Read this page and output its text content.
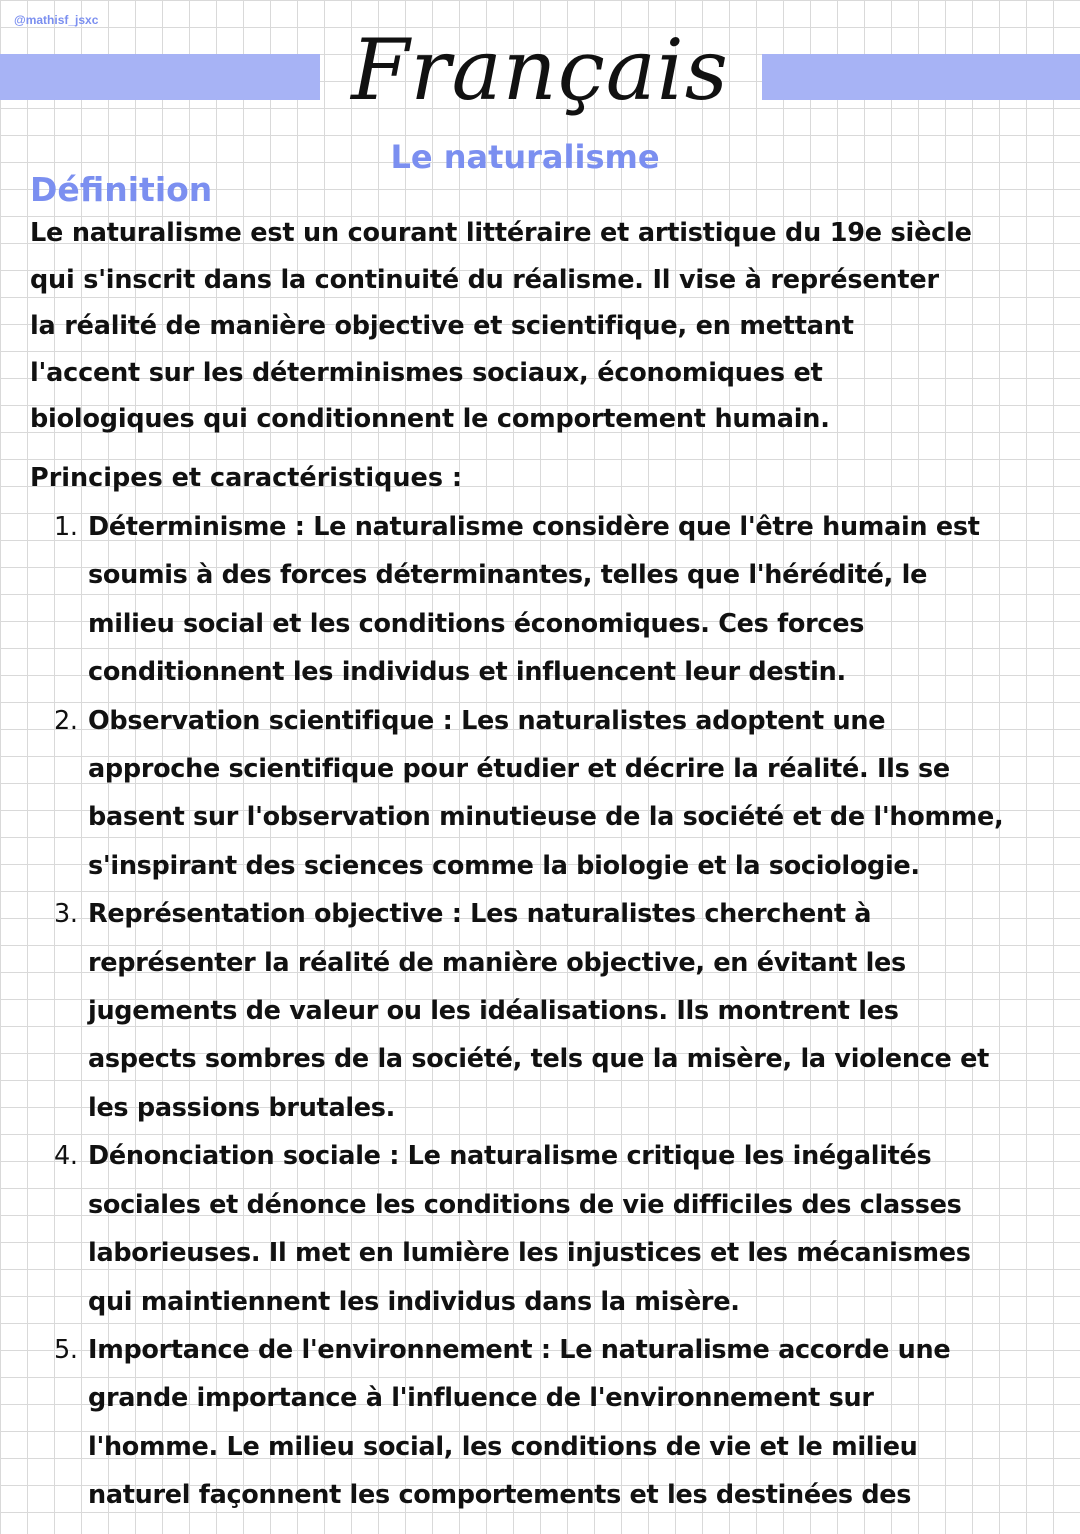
@mathisf_jsxc
Français
Le naturalisme
Définition
Le naturalisme est un courant littéraire et artistique du 19e siècle
qui s'inscrit dans la continuité du réalisme. Il vise à représenter
la réalité de manière objective et scientifique, en mettant
l'accent sur les déterminismes sociaux, économiques et
biologiques qui conditionnent le comportement humain.
Principes et caractéristiques :
1. Déterminisme : Le naturalisme considère que l'être humain est
soumis à des forces déterminantes, telles que l'hérédité, le
milieu social et les conditions économiques. Ces forces
conditionnent les individus et influencent leur destin.
2. Observation scientifique : Les naturalistes adoptent une
approche scientifique pour étudier et décrire la réalité. Ils se
basent sur l'observation minutieuse de la société et de l'homme,
s'inspirant des sciences comme la biologie et la sociologie.
3. Représentation objective : Les naturalistes cherchent à
représenter la réalité de manière objective, en évitant les
jugements de valeur ou les idéalisations. Ils montrent les
aspects sombres de la société, tels que la misère, la violence et
les passions brutales.
4. Dénonciation sociale : Le naturalisme critique les inégalités
sociales et dénonce les conditions de vie difficiles des classes
laborieuses. Il met en lumière les injustices et les mécanismes
qui maintiennent les individus dans la misère.
5. Importance de l'environnement : Le naturalisme accorde une
grande importance à l'influence de l'environnement sur
l'homme. Le milieu social, les conditions de vie et le milieu
naturel façonnent les comportements et les destinées des
